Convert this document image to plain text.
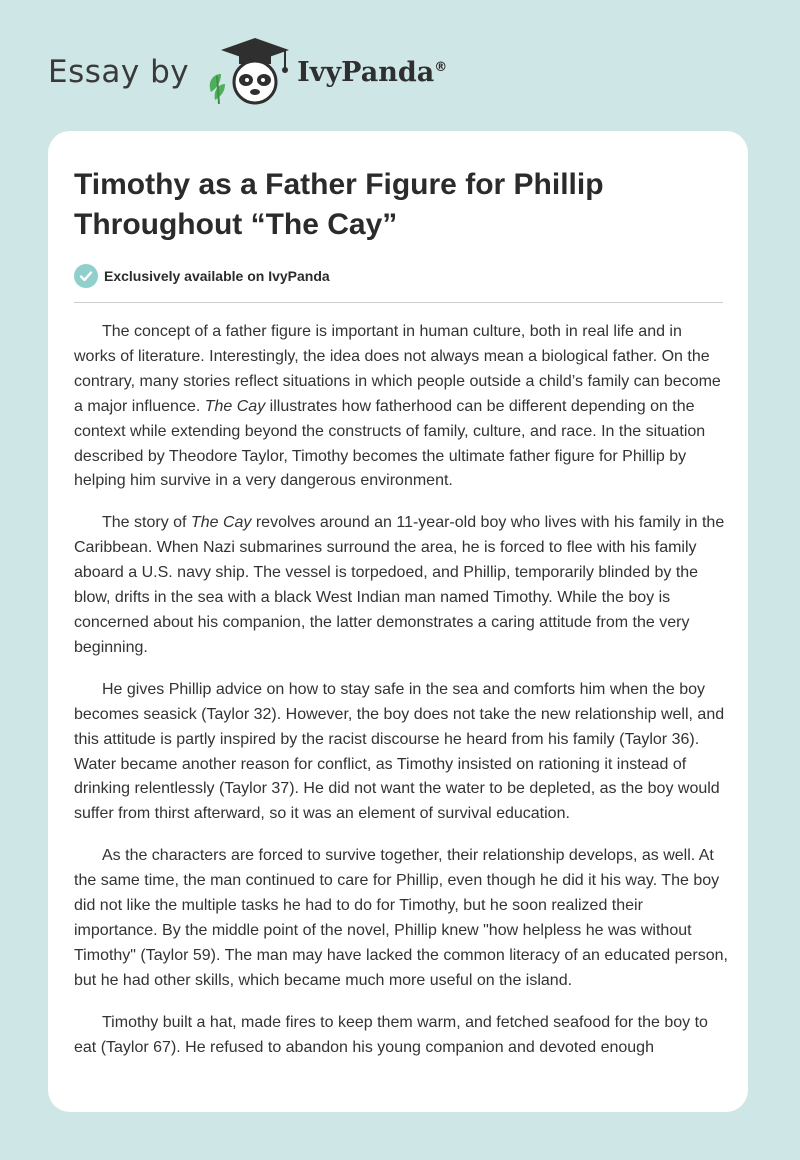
Essay by	IvyPanda®
Timothy as a Father Figure for Phillip Throughout “The Cay”
Exclusively available on IvyPanda

The concept of a father figure is important in human culture, both in real life and in works of literature. Interestingly, the idea does not always mean a biological father. On the contrary, many stories reflect situations in which people outside a child’s family can become a major influence. The Cay illustrates how fatherhood can be different depending on the context while extending beyond the constructs of family, culture, and race. In the situation described by Theodore Taylor, Timothy becomes the ultimate father figure for Phillip by helping him survive in a very dangerous environment.

The story of The Cay revolves around an 11-year-old boy who lives with his family in the Caribbean. When Nazi submarines surround the area, he is forced to flee with his family aboard a U.S. navy ship. The vessel is torpedoed, and Phillip, temporarily blinded by the blow, drifts in the sea with a black West Indian man named Timothy. While the boy is concerned about his companion, the latter demonstrates a caring attitude from the very beginning.

He gives Phillip advice on how to stay safe in the sea and comforts him when the boy becomes seasick (Taylor 32). However, the boy does not take the new relationship well, and this attitude is partly inspired by the racist discourse he heard from his family (Taylor 36). Water became another reason for conflict, as Timothy insisted on rationing it instead of drinking relentlessly (Taylor 37). He did not want the water to be depleted, as the boy would suffer from thirst afterward, so it was an element of survival education.

As the characters are forced to survive together, their relationship develops, as well. At the same time, the man continued to care for Phillip, even though he did it his way. The boy did not like the multiple tasks he had to do for Timothy, but he soon realized their importance. By the middle point of the novel, Phillip knew "how helpless he was without Timothy" (Taylor 59). The man may have lacked the common literacy of an educated person, but he had other skills, which became much more useful on the island.

Timothy built a hat, made fires to keep them warm, and fetched seafood for the boy to eat (Taylor 67). He refused to abandon his young companion and devoted enough
